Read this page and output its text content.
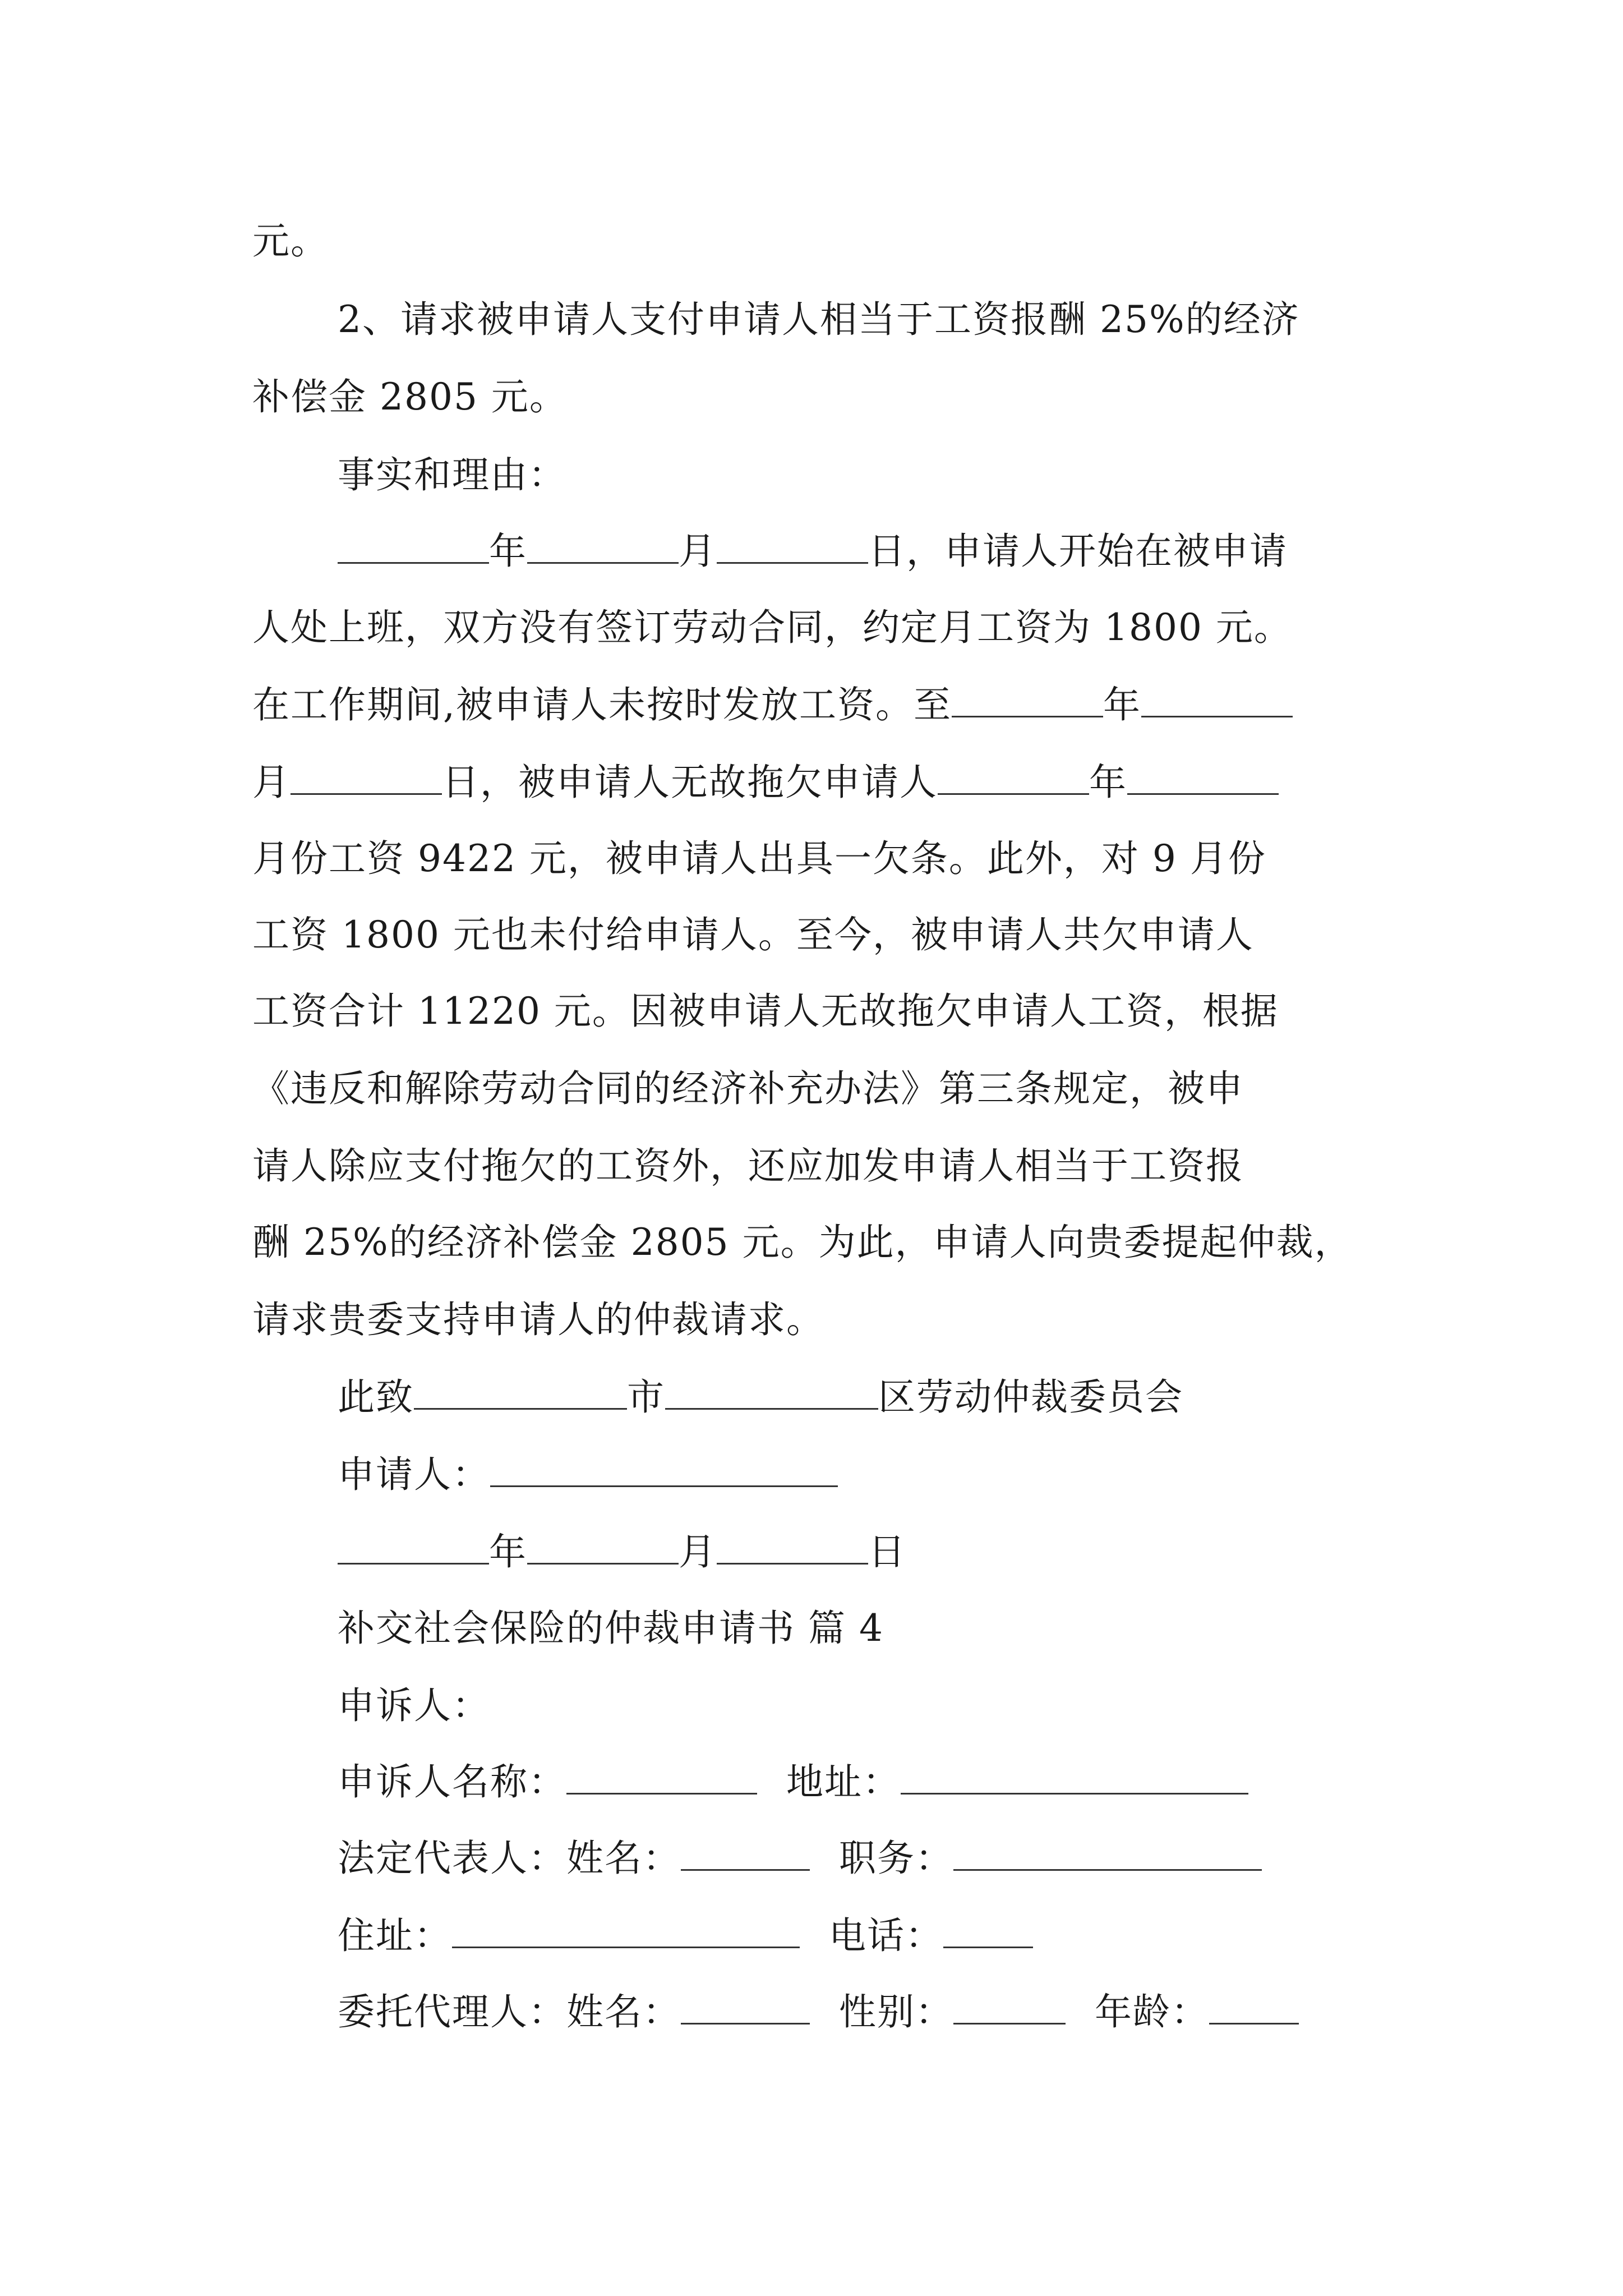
元。
2、请求被申请人支付申请人相当于工资报酬 25%的经济
补偿金 2805 元。
事实和理由：
年	月	日，申请人开始在被申请
人处上班，双方没有签订劳动合同，约定月工资为 1800 元。
在工作期间,被申请人未按时发放工资。至	年
月	日，被申请人无故拖欠申请人	年
月份工资 9422 元，被申请人出具一欠条。此外，对 9 月份
工资 1800 元也未付给申请人。至今，被申请人共欠申请人
工资合计 11220 元。因被申请人无故拖欠申请人工资，根据
《违反和解除劳动合同的经济补充办法》第三条规定，被申
请人除应支付拖欠的工资外，还应加发申请人相当于工资报
酬 25%的经济补偿金 2805 元。为此，申请人向贵委提起仲裁，
请求贵委支持申请人的仲裁请求。
此致	市	区劳动仲裁委员会
申请人：
年	月	日
补交社会保险的仲裁申请书 篇 4
申诉人：
申诉人名称：	地址：
法定代表人：姓名：	职务：
住址：	电话：
委托代理人：姓名：	性别：	年龄：
